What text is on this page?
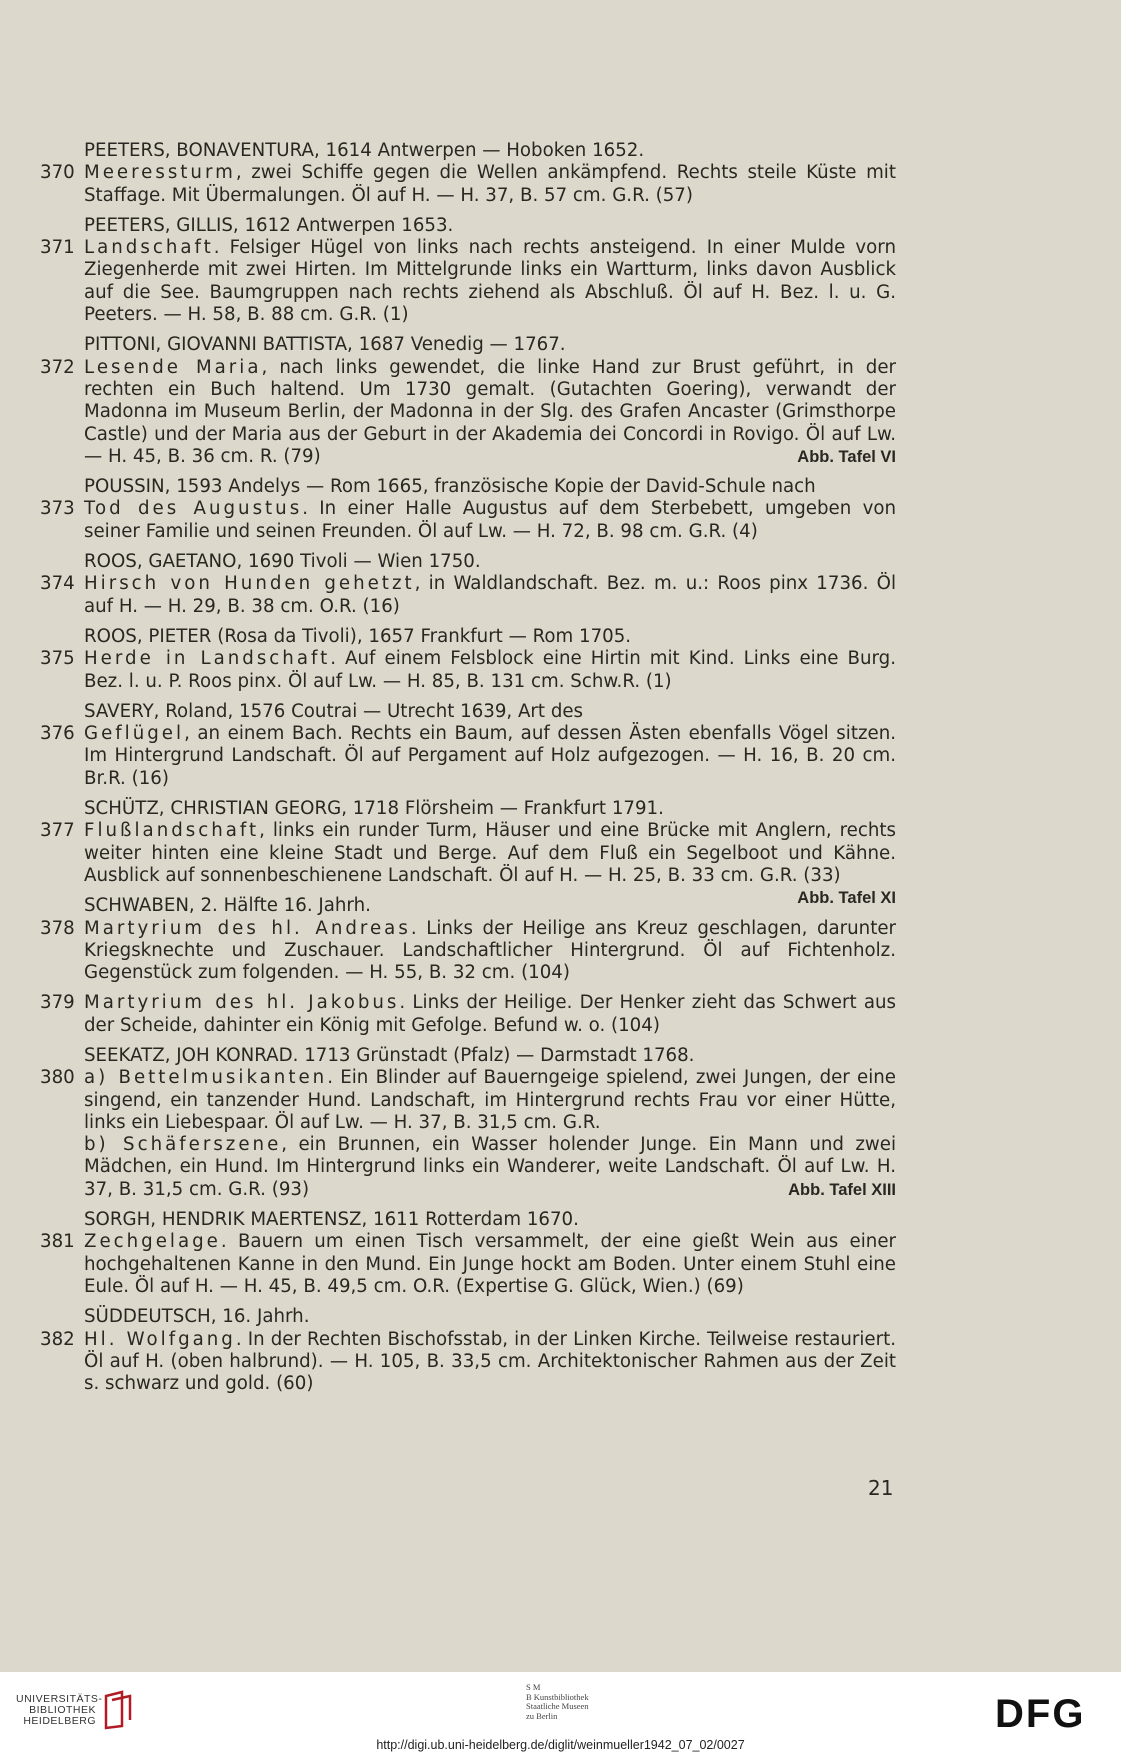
PEETERS, BONAVENTURA, 1614 Antwerpen — Hoboken 1652.
370 Meeressturm, zwei Schiffe gegen die Wellen ankämpfend. Rechts steile Küste mit Staffage. Mit Übermalungen. Öl auf H. — H. 37, B. 57 cm. G.R. (57)
PEETERS, GILLIS, 1612 Antwerpen 1653.
371 Landschaft. Felsiger Hügel von links nach rechts ansteigend. In einer Mulde vorn Ziegenherde mit zwei Hirten. Im Mittelgrunde links ein Wartturm, links davon Ausblick auf die See. Baumgruppen nach rechts ziehend als Abschluß. Öl auf H. Bez. l. u. G. Peeters. — H. 58, B. 88 cm. G.R. (1)
PITTONI, GIOVANNI BATTISTA, 1687 Venedig — 1767.
372 Lesende Maria, nach links gewendet, die linke Hand zur Brust geführt, in der rechten ein Buch haltend. Um 1730 gemalt. (Gutachten Goering), verwandt der Madonna im Museum Berlin, der Madonna in der Slg. des Grafen Ancaster (Grimsthorpe Castle) und der Maria aus der Geburt in der Akademia dei Concordi in Rovigo. Öl auf Lw. — H. 45, B. 36 cm. R. (79)	Abb. Tafel VI
POUSSIN, 1593 Andelys — Rom 1665, französische Kopie der David-Schule nach
373 Tod des Augustus. In einer Halle Augustus auf dem Sterbebett, umgeben von seiner Familie und seinen Freunden. Öl auf Lw. — H. 72, B. 98 cm. G.R. (4)
ROOS, GAETANO, 1690 Tivoli — Wien 1750.
374 Hirsch von Hunden gehetzt, in Waldlandschaft. Bez. m. u.: Roos pinx 1736. Öl auf H. — H. 29, B. 38 cm. O.R. (16)
ROOS, PIETER (Rosa da Tivoli), 1657 Frankfurt — Rom 1705.
375 Herde in Landschaft. Auf einem Felsblock eine Hirtin mit Kind. Links eine Burg. Bez. l. u. P. Roos pinx. Öl auf Lw. — H. 85, B. 131 cm. Schw.R. (1)
SAVERY, Roland, 1576 Coutrai — Utrecht 1639, Art des
376 Geflügel, an einem Bach. Rechts ein Baum, auf dessen Ästen ebenfalls Vögel sitzen. Im Hintergrund Landschaft. Öl auf Pergament auf Holz aufgezogen. — H. 16, B. 20 cm. Br.R. (16)
SCHÜTZ, CHRISTIAN GEORG, 1718 Flörsheim — Frankfurt 1791.
377 Flußlandschaft, links ein runder Turm, Häuser und eine Brücke mit Anglern, rechts weiter hinten eine kleine Stadt und Berge. Auf dem Fluß ein Segelboot und Kähne. Ausblick auf sonnenbeschienene Landschaft. Öl auf H. — H. 25, B. 33 cm. G.R. (33)
Abb. Tafel XI
SCHWABEN, 2. Hälfte 16. Jahrh.
378 Martyrium des hl. Andreas. Links der Heilige ans Kreuz geschlagen, darunter Kriegsknechte und Zuschauer. Landschaftlicher Hintergrund. Öl auf Fichtenholz. Gegenstück zum folgenden. — H. 55, B. 32 cm. (104)
379 Martyrium des hl. Jakobus. Links der Heilige. Der Henker zieht das Schwert aus der Scheide, dahinter ein König mit Gefolge. Befund w. o. (104)
SEEKATZ, JOH KONRAD. 1713 Grünstadt (Pfalz) — Darmstadt 1768.
380 a) Bettelmusikanten. Ein Blinder auf Bauerngeige spielend, zwei Jungen, der eine singend, ein tanzender Hund. Landschaft, im Hintergrund rechts Frau vor einer Hütte, links ein Liebespaar. Öl auf Lw. — H. 37, B. 31,5 cm. G.R.
b) Schäferszene, ein Brunnen, ein Wasser holender Junge. Ein Mann und zwei Mädchen, ein Hund. Im Hintergrund links ein Wanderer, weite Landschaft. Öl auf Lw. H. 37, B. 31,5 cm. G.R. (93)	Abb. Tafel XIII
SORGH, HENDRIK MAERTENSZ, 1611 Rotterdam 1670.
381 Zechgelage. Bauern um einen Tisch versammelt, der eine gießt Wein aus einer hochgehaltenen Kanne in den Mund. Ein Junge hockt am Boden. Unter einem Stuhl eine Eule. Öl auf H. — H. 45, B. 49,5 cm. O.R. (Expertise G. Glück, Wien.) (69)
SÜDDEUTSCH, 16. Jahrh.
382 Hl. Wolfgang. In der Rechten Bischofsstab, in der Linken Kirche. Teilweise restauriert. Öl auf H. (oben halbrund). — H. 105, B. 33,5 cm. Architektonischer Rahmen aus der Zeit s. schwarz und gold. (60)
21
UNIVERSITÄTS-
BIBLIOTHEK
HEIDELBERG
S M
B Kunstbibliothek
Staatliche Museen
zu Berlin	DFG
http://digi.ub.uni-heidelberg.de/diglit/weinmueller1942_07_02/0027
